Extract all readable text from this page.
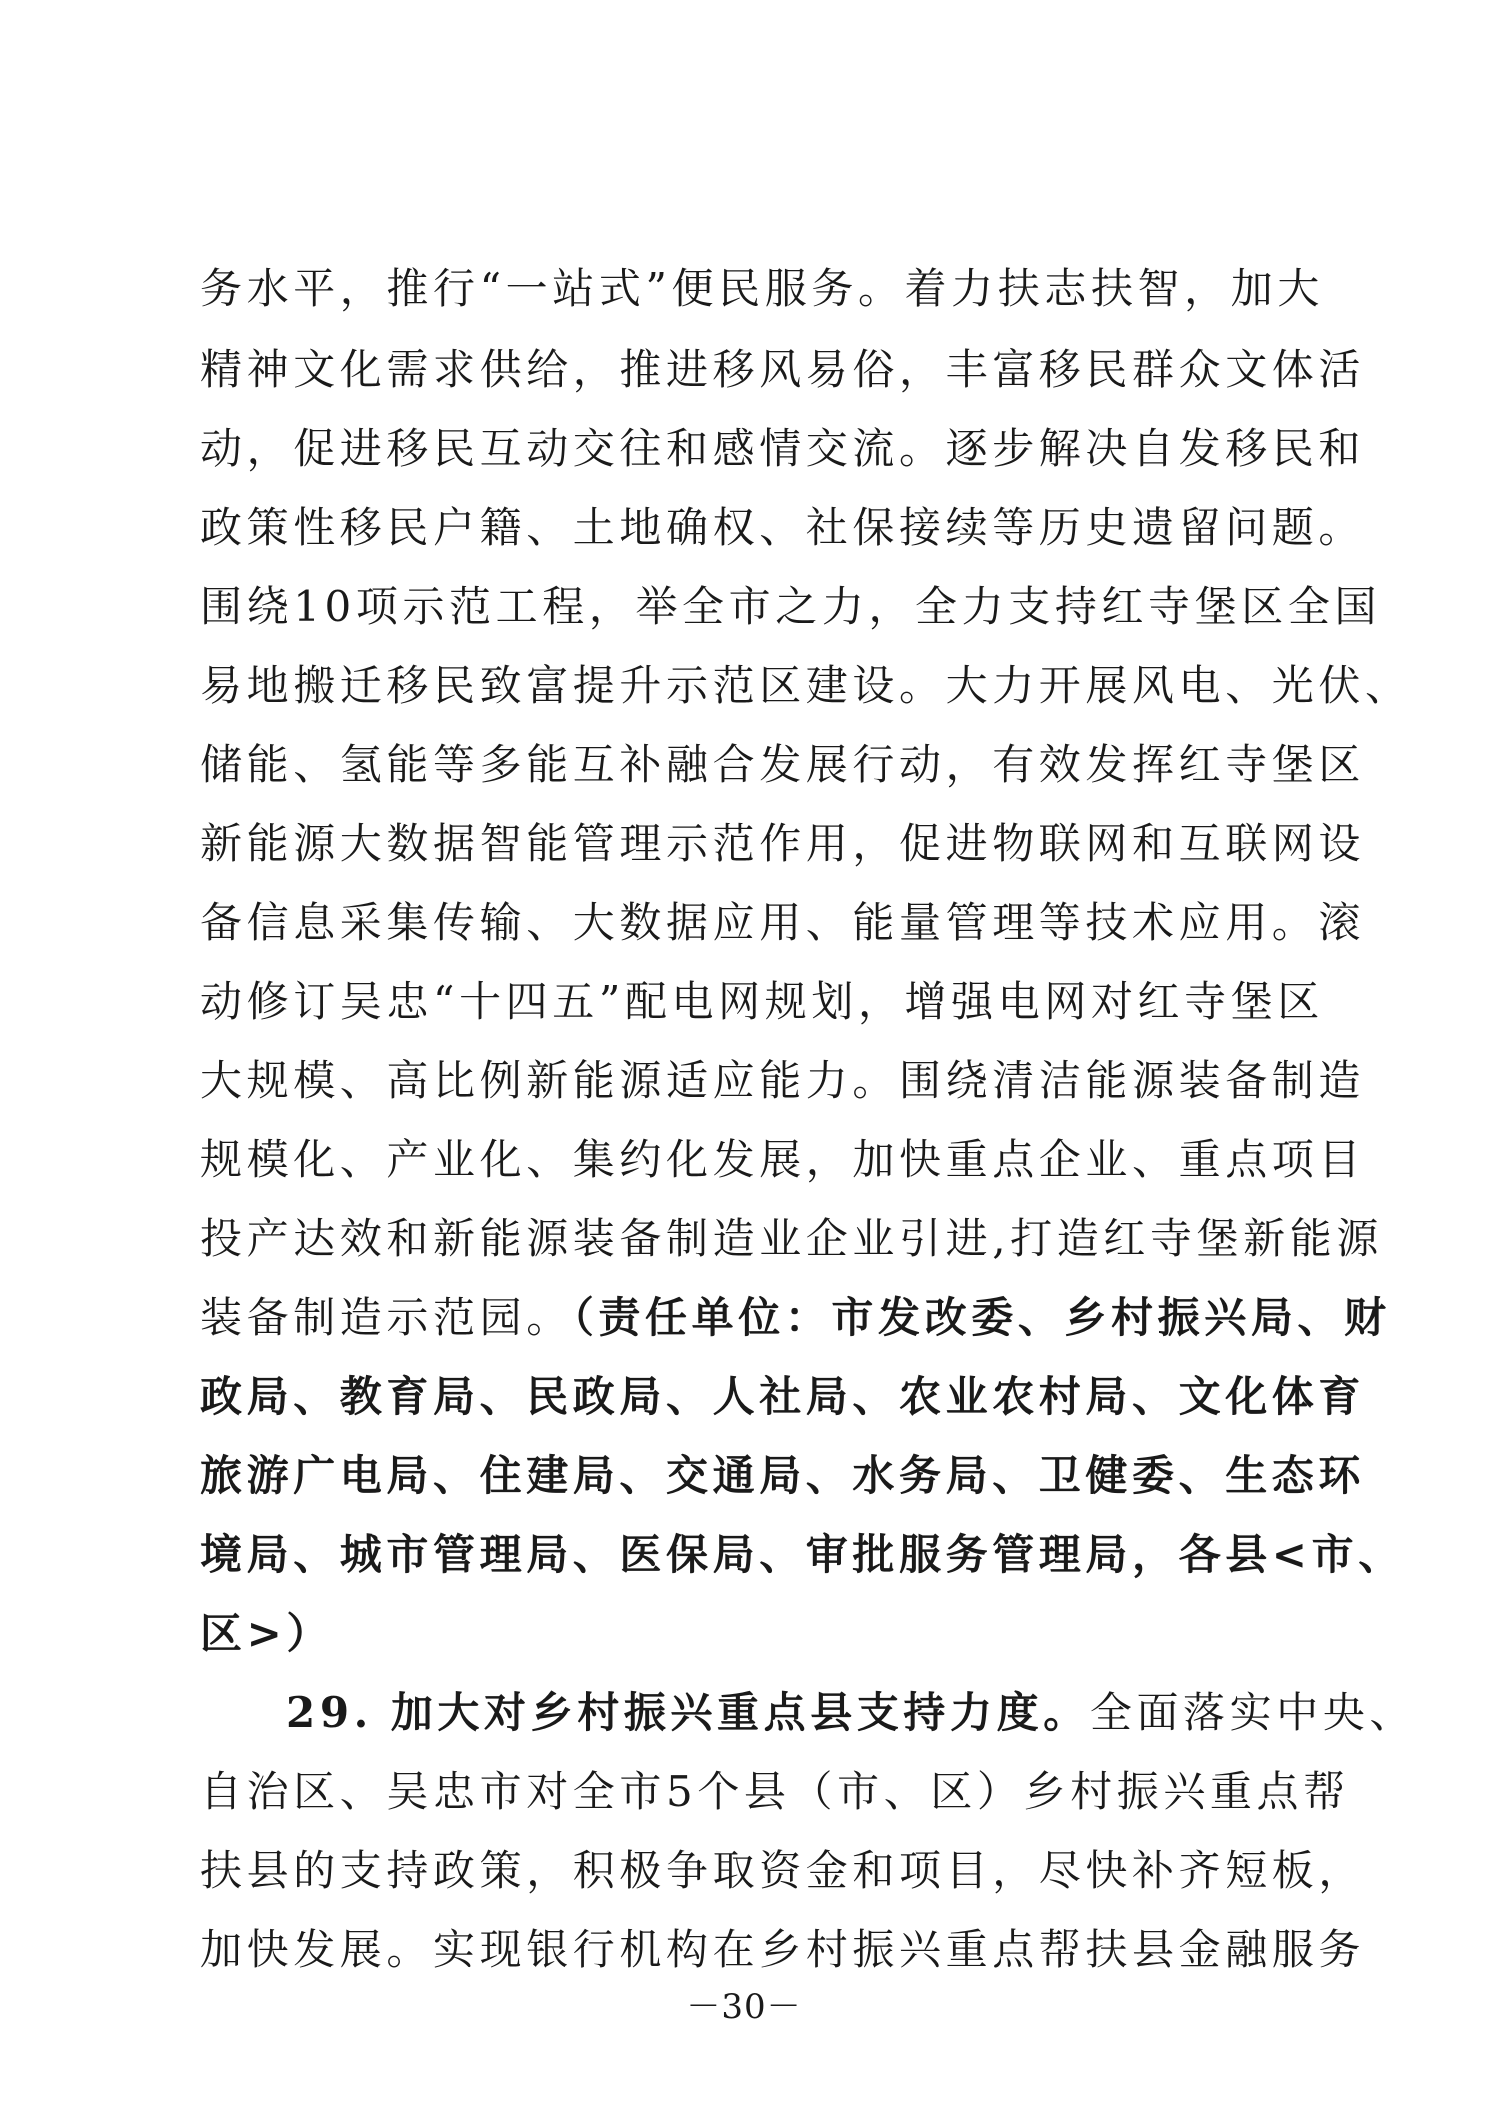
务水平，推行“一站式”便民服务。着力扶志扶智，加大
精神文化需求供给，推进移风易俗，丰富移民群众文体活
动，促进移民互动交往和感情交流。逐步解决自发移民和
政策性移民户籍、土地确权、社保接续等历史遗留问题。
围绕10项示范工程，举全市之力，全力支持红寺堡区全国
易地搬迁移民致富提升示范区建设。大力开展风电、光伏、
储能、氢能等多能互补融合发展行动，有效发挥红寺堡区
新能源大数据智能管理示范作用，促进物联网和互联网设
备信息采集传输、大数据应用、能量管理等技术应用。滚
动修订吴忠“十四五”配电网规划，增强电网对红寺堡区
大规模、高比例新能源适应能力。围绕清洁能源装备制造
规模化、产业化、集约化发展，加快重点企业、重点项目
投产达效和新能源装备制造业企业引进,打造红寺堡新能源
装备制造示范园。（责任单位：市发改委、乡村振兴局、财
政局、教育局、民政局、人社局、农业农村局、文化体育
旅游广电局、住建局、交通局、水务局、卫健委、生态环
境局、城市管理局、医保局、审批服务管理局，各县<市、
区>）
29. 加大对乡村振兴重点县支持力度。全面落实中央、
自治区、吴忠市对全市5个县（市、区）乡村振兴重点帮
扶县的支持政策，积极争取资金和项目，尽快补齐短板，
加快发展。实现银行机构在乡村振兴重点帮扶县金融服务
－30－
